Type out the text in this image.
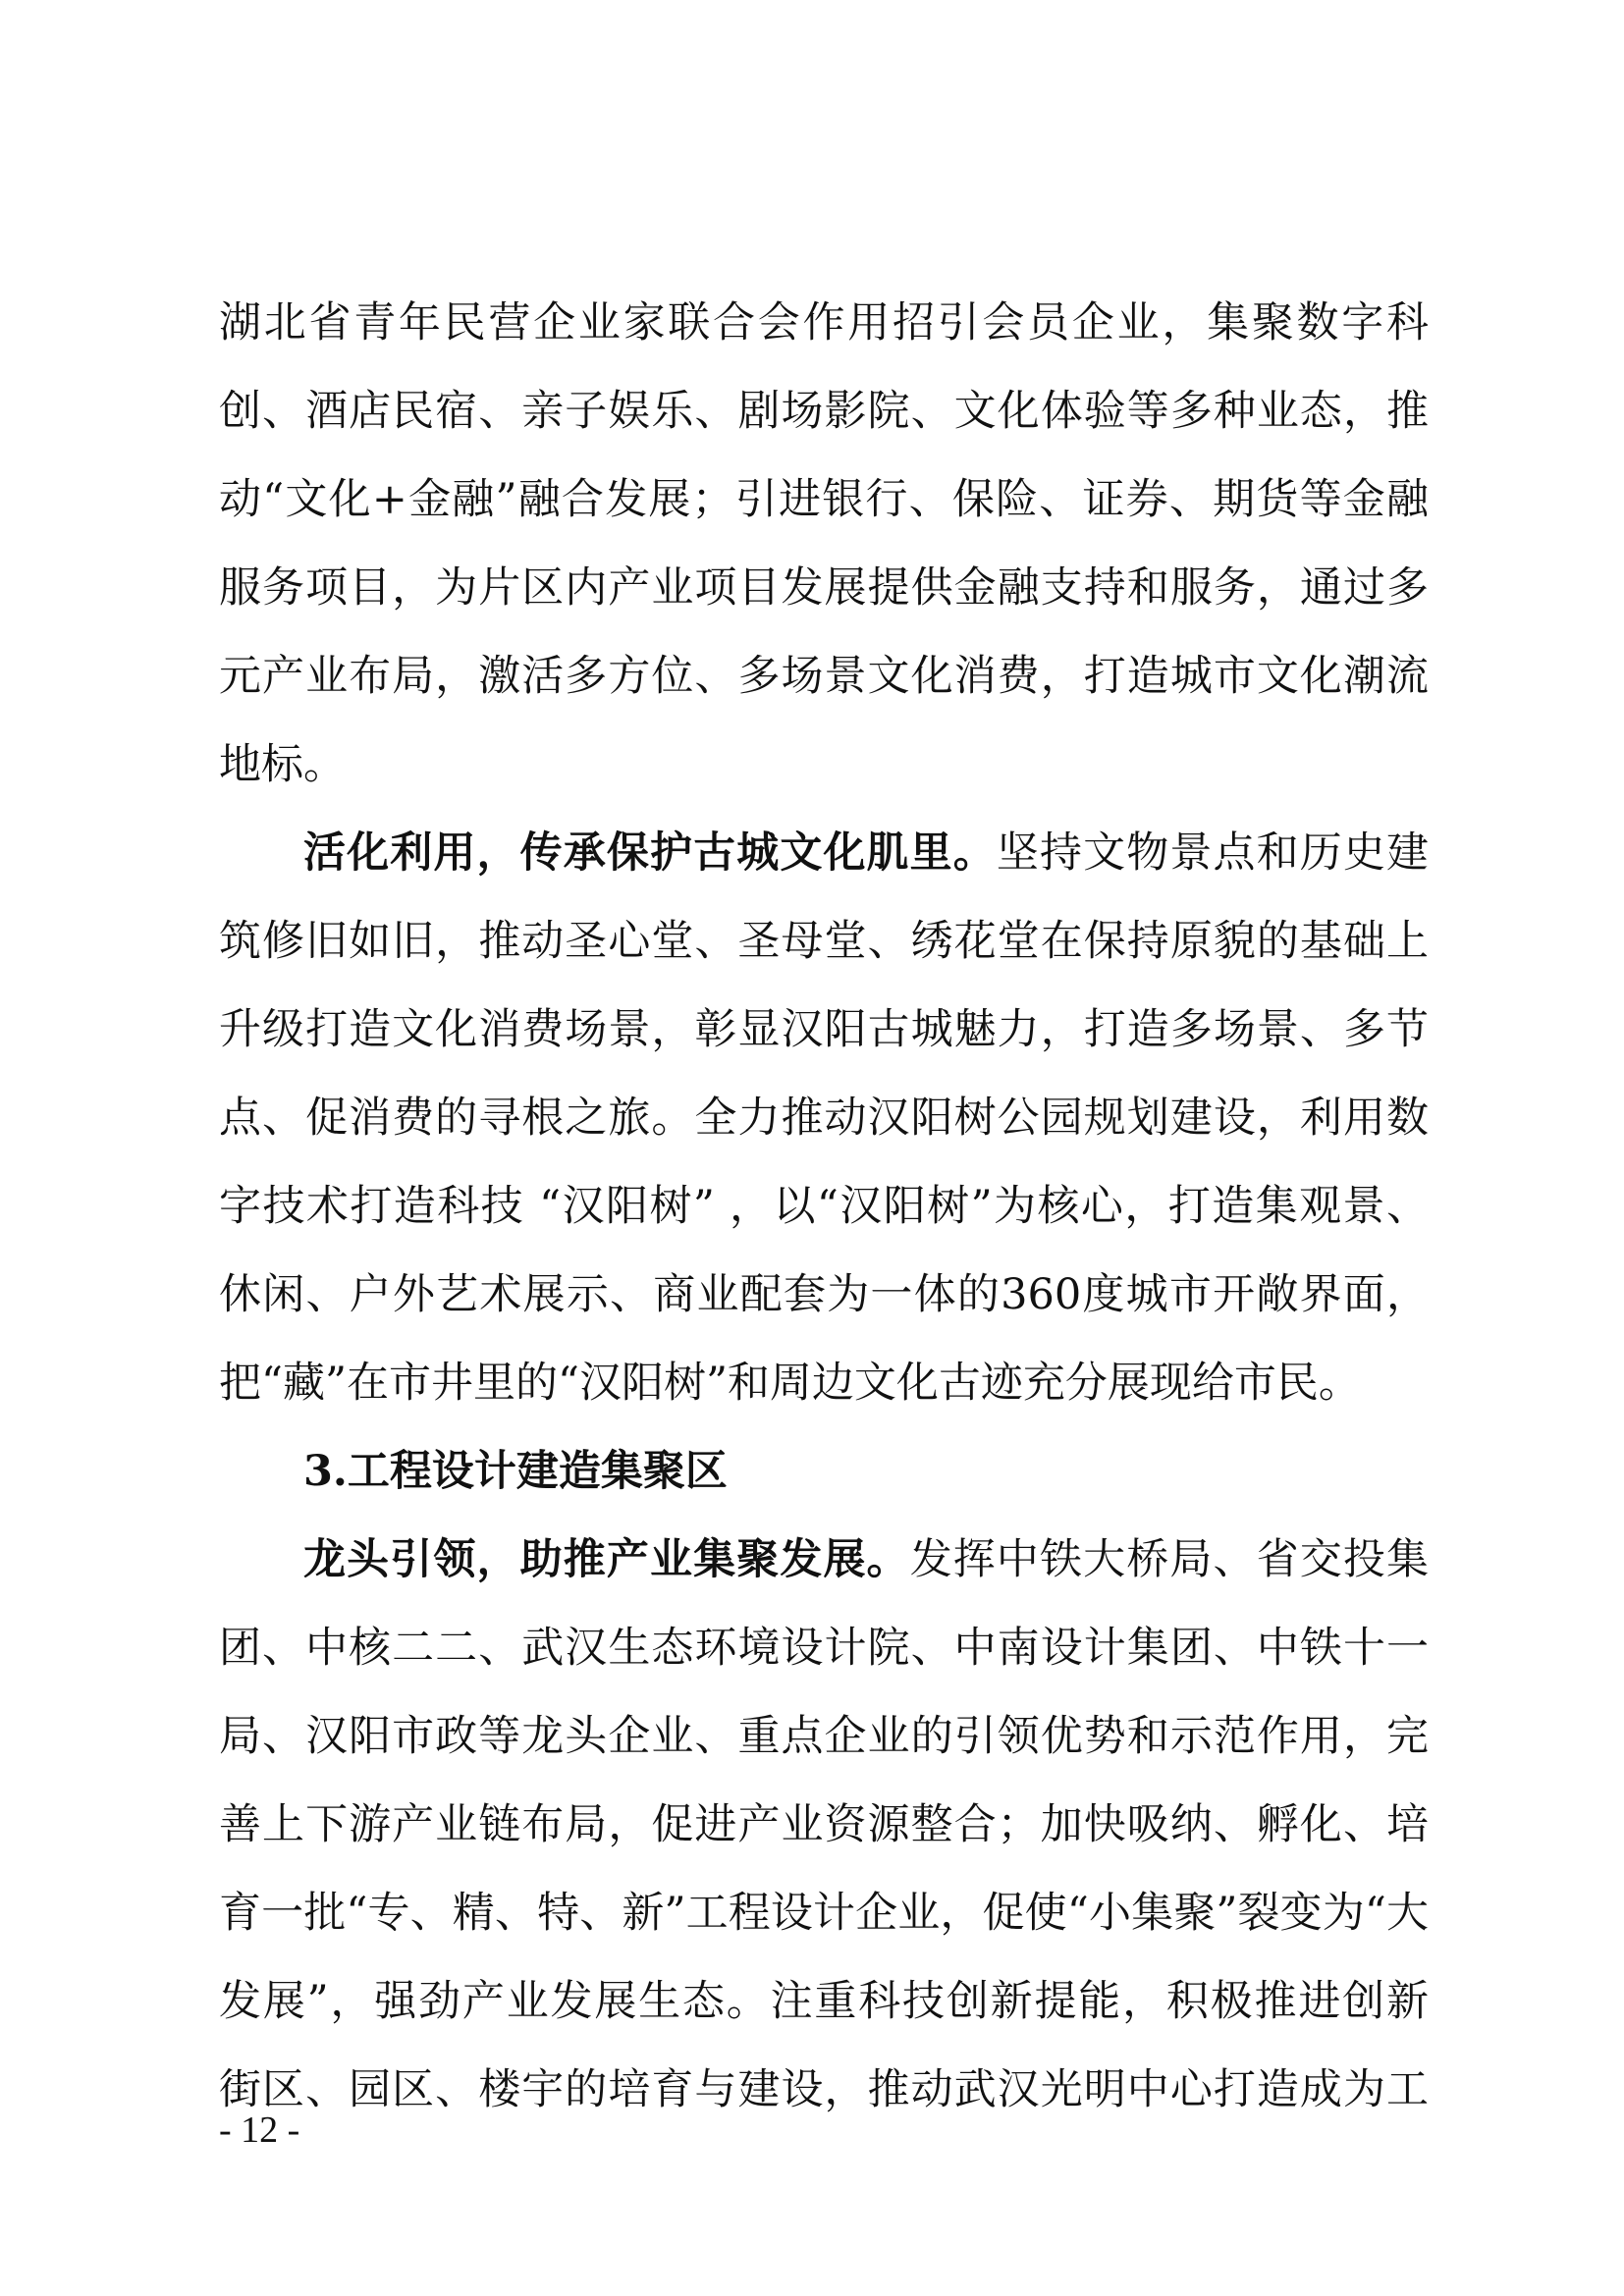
湖北省青年民营企业家联合会作用招引会员企业，集聚数字科
创、酒店民宿、亲子娱乐、剧场影院、文化体验等多种业态，推
动“文化+金融”融合发展；引进银行、保险、证券、期货等金融
服务项目，为片区内产业项目发展提供金融支持和服务，通过多
元产业布局，激活多方位、多场景文化消费，打造城市文化潮流
地标。
活化利用，传承保护古城文化肌里。坚持文物景点和历史建
筑修旧如旧，推动圣心堂、圣母堂、绣花堂在保持原貌的基础上
升级打造文化消费场景，彰显汉阳古城魅力，打造多场景、多节
点、促消费的寻根之旅。全力推动汉阳树公园规划建设，利用数
字技术打造科技 “汉阳树” ，以“汉阳树”为核心，打造集观景、
休闲、户外艺术展示、商业配套为一体的360度城市开敞界面，
把“藏”在市井里的“汉阳树”和周边文化古迹充分展现给市民。
3.工程设计建造集聚区
龙头引领，助推产业集聚发展。发挥中铁大桥局、省交投集
团、中核二二、武汉生态环境设计院、中南设计集团、中铁十一
局、汉阳市政等龙头企业、重点企业的引领优势和示范作用，完
善上下游产业链布局，促进产业资源整合；加快吸纳、孵化、培
育一批“专、精、特、新”工程设计企业，促使“小集聚”裂变为“大
发展”，强劲产业发展生态。注重科技创新提能，积极推进创新
街区、园区、楼宇的培育与建设，推动武汉光明中心打造成为工
- 12 -
